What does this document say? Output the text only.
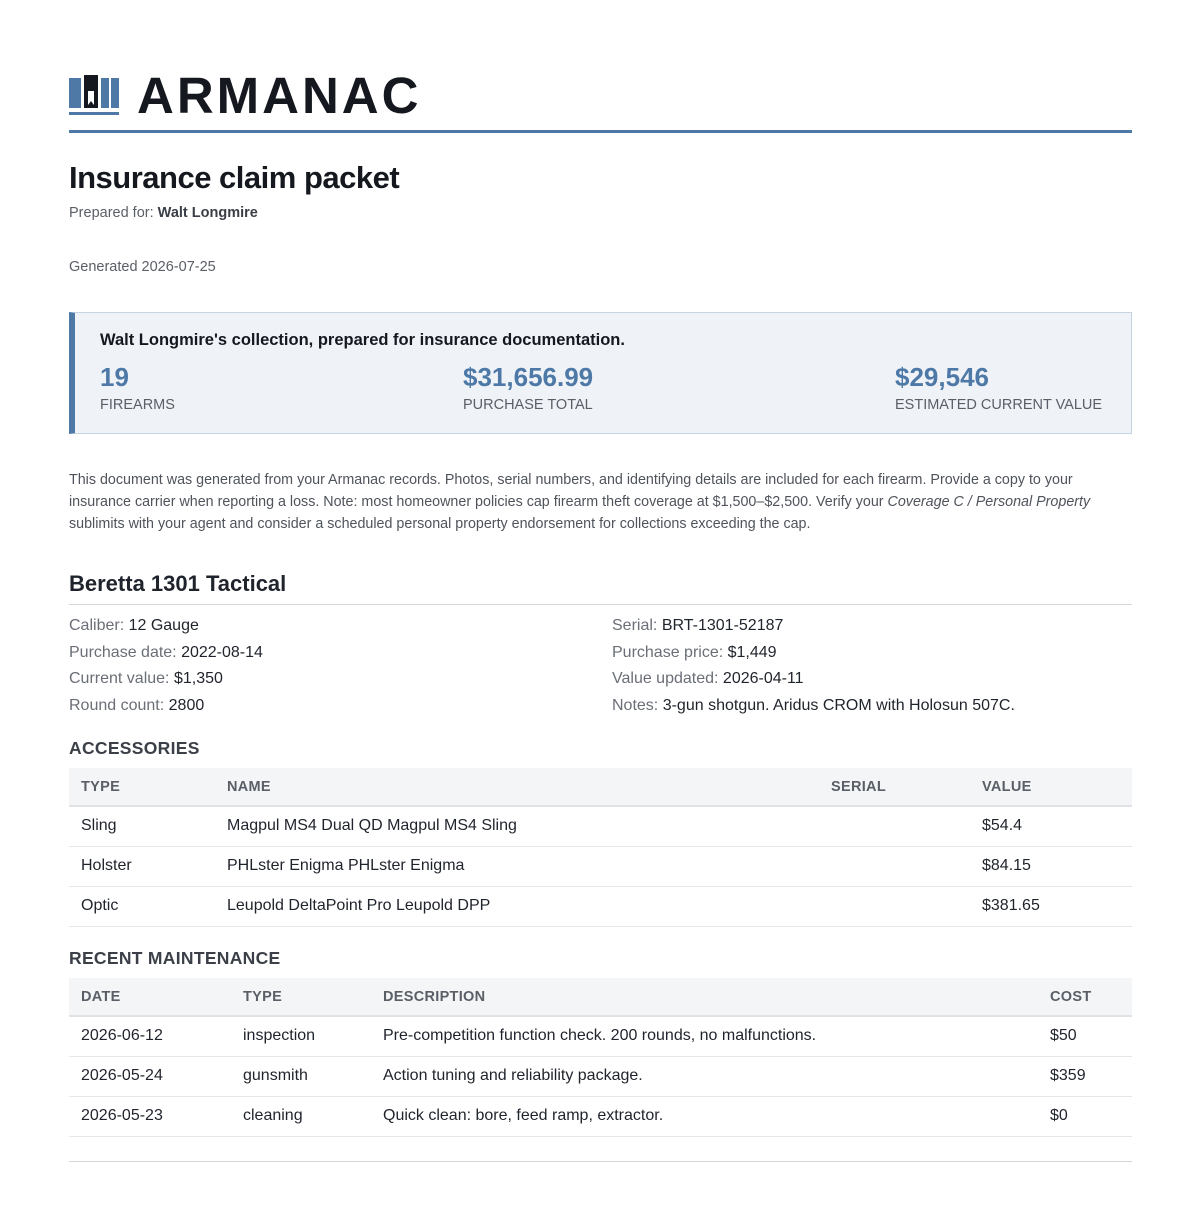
ARMANAC
Insurance claim packet
Prepared for: Walt Longmire
Generated 2026-07-25
Walt Longmire's collection, prepared for insurance documentation.
19
FIREARMS
$31,656.99
PURCHASE TOTAL
$29,546
ESTIMATED CURRENT VALUE

This document was generated from your Armanac records. Photos, serial numbers, and identifying details are included for each firearm. Provide a copy to your insurance carrier when reporting a loss. Note: most homeowner policies cap firearm theft coverage at $1,500–$2,500. Verify your Coverage C / Personal Property sublimits with your agent and consider a scheduled personal property endorsement for collections exceeding the cap.

Beretta 1301 Tactical
Caliber: 12 Gauge	Serial: BRT-1301-52187
Purchase date: 2022-08-14	Purchase price: $1,449
Current value: $1,350	Value updated: 2026-04-11
Round count: 2800	Notes: 3-gun shotgun. Aridus CROM with Holosun 507C.
ACCESSORIES
TYPE	NAME	SERIAL	VALUE
Sling	Magpul MS4 Dual QD Magpul MS4 Sling		$54.4
Holster	PHLster Enigma PHLster Enigma		$84.15
Optic	Leupold DeltaPoint Pro Leupold DPP		$381.65
RECENT MAINTENANCE
DATE	TYPE	DESCRIPTION	COST
2026-06-12	inspection	Pre-competition function check. 200 rounds, no malfunctions.	$50
2026-05-24	gunsmith	Action tuning and reliability package.	$359
2026-05-23	cleaning	Quick clean: bore, feed ramp, extractor.	$0
